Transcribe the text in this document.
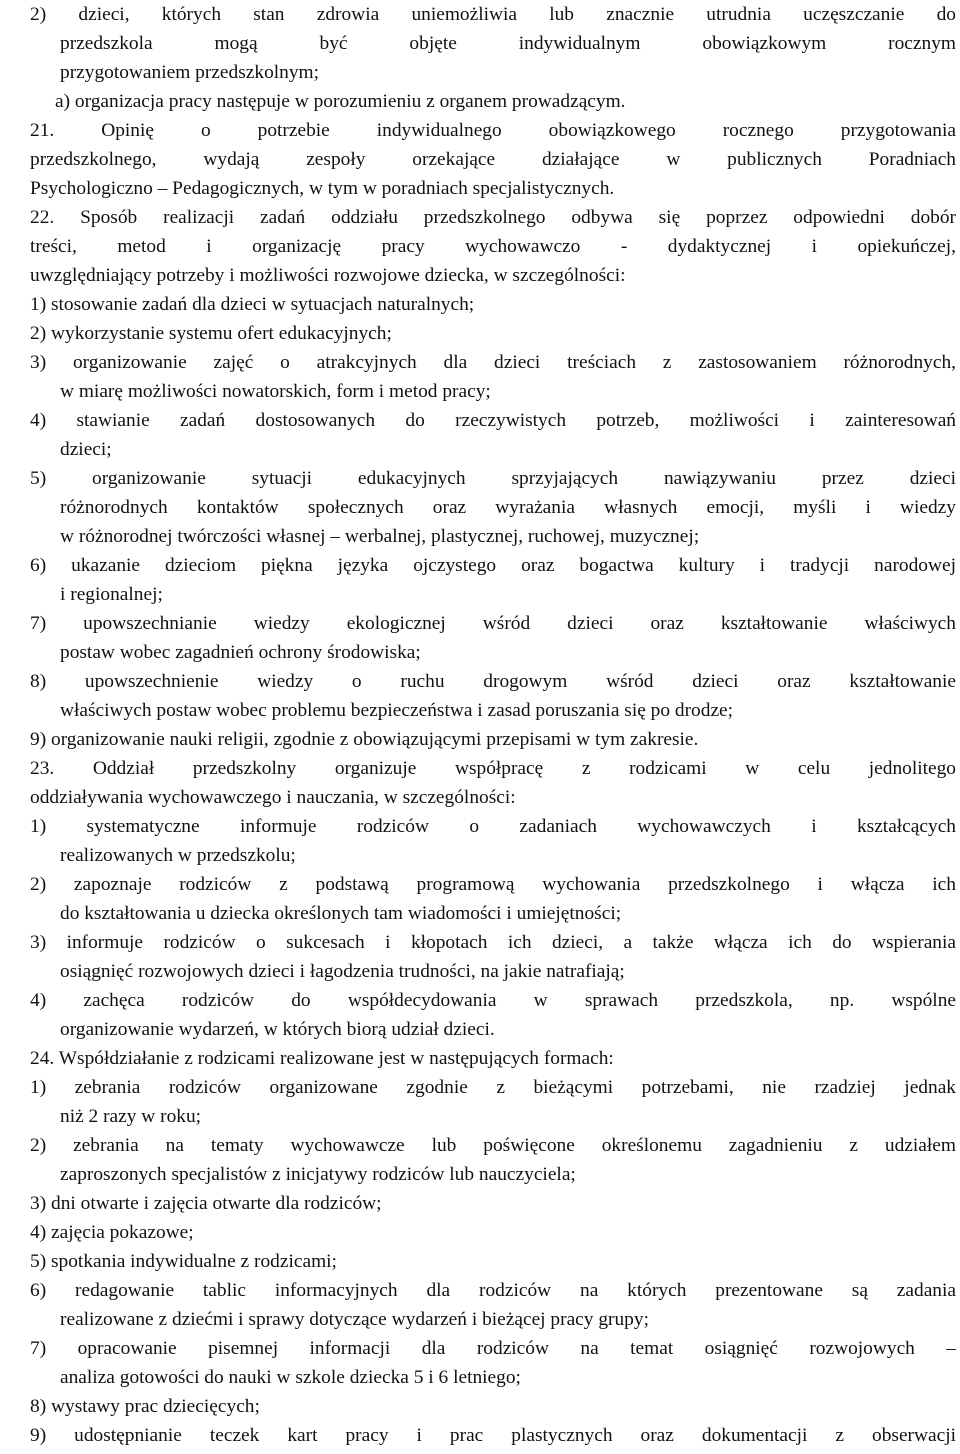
2) dzieci, których stan zdrowia uniemożliwia lub znacznie utrudnia uczęszczanie do
przedszkola mogą być objęte indywidualnym obowiązkowym rocznym
przygotowaniem przedszkolnym;
a) organizacja pracy następuje w porozumieniu z organem prowadzącym.
21. Opinię o potrzebie indywidualnego obowiązkowego rocznego przygotowania
przedszkolnego, wydają zespoły orzekające działające w publicznych Poradniach
Psychologiczno – Pedagogicznych, w tym w poradniach specjalistycznych.
22. Sposób realizacji zadań oddziału przedszkolnego odbywa się poprzez odpowiedni dobór
treści, metod i organizację pracy wychowawczo - dydaktycznej i opiekuńczej,
uwzględniający potrzeby i możliwości rozwojowe dziecka, w szczególności:
1) stosowanie zadań dla dzieci w sytuacjach naturalnych;
2) wykorzystanie systemu ofert edukacyjnych;
3) organizowanie zajęć o atrakcyjnych dla dzieci treściach z zastosowaniem różnorodnych,
w miarę możliwości nowatorskich, form i metod pracy;
4) stawianie zadań dostosowanych do rzeczywistych potrzeb, możliwości i zainteresowań
dzieci;
5) organizowanie sytuacji edukacyjnych sprzyjających nawiązywaniu przez dzieci
różnorodnych kontaktów społecznych oraz wyrażania własnych emocji, myśli i wiedzy
w różnorodnej twórczości własnej – werbalnej, plastycznej, ruchowej, muzycznej;
6) ukazanie dzieciom piękna języka ojczystego oraz bogactwa kultury i tradycji narodowej
i regionalnej;
7) upowszechnianie wiedzy ekologicznej wśród dzieci oraz kształtowanie właściwych
postaw wobec zagadnień ochrony środowiska;
8) upowszechnienie wiedzy o ruchu drogowym wśród dzieci oraz kształtowanie
właściwych postaw wobec problemu bezpieczeństwa i zasad poruszania się po drodze;
9) organizowanie nauki religii, zgodnie z obowiązującymi przepisami w tym zakresie.
23. Oddział przedszkolny organizuje współpracę z rodzicami w celu jednolitego
oddziaływania wychowawczego i nauczania, w szczególności:
1) systematyczne informuje rodziców o zadaniach wychowawczych i kształcących
realizowanych w przedszkolu;
2) zapoznaje rodziców z podstawą programową wychowania przedszkolnego i włącza ich
do kształtowania u dziecka określonych tam wiadomości i umiejętności;
3) informuje rodziców o sukcesach i kłopotach ich dzieci, a także włącza ich do wspierania
osiągnięć rozwojowych dzieci i łagodzenia trudności, na jakie natrafiają;
4) zachęca rodziców do współdecydowania w sprawach przedszkola, np. wspólne
organizowanie wydarzeń, w których biorą udział dzieci.
24. Współdziałanie z rodzicami realizowane jest w następujących formach:
1) zebrania rodziców organizowane zgodnie z bieżącymi potrzebami, nie rzadziej jednak
niż 2 razy w roku;
2) zebrania na tematy wychowawcze lub poświęcone określonemu zagadnieniu z udziałem
zaproszonych specjalistów z inicjatywy rodziców lub nauczyciela;
3) dni otwarte i zajęcia otwarte dla rodziców;
4) zajęcia pokazowe;
5) spotkania indywidualne z rodzicami;
6) redagowanie tablic informacyjnych dla rodziców na których prezentowane są zadania
realizowane z dziećmi i sprawy dotyczące wydarzeń i bieżącej pracy grupy;
7) opracowanie pisemnej informacji dla rodziców na temat osiągnięć rozwojowych –
analiza gotowości do nauki w szkole dziecka 5 i 6 letniego;
8) wystawy prac dziecięcych;
9) udostępnianie teczek kart pracy i prac plastycznych oraz dokumentacji z obserwacji
